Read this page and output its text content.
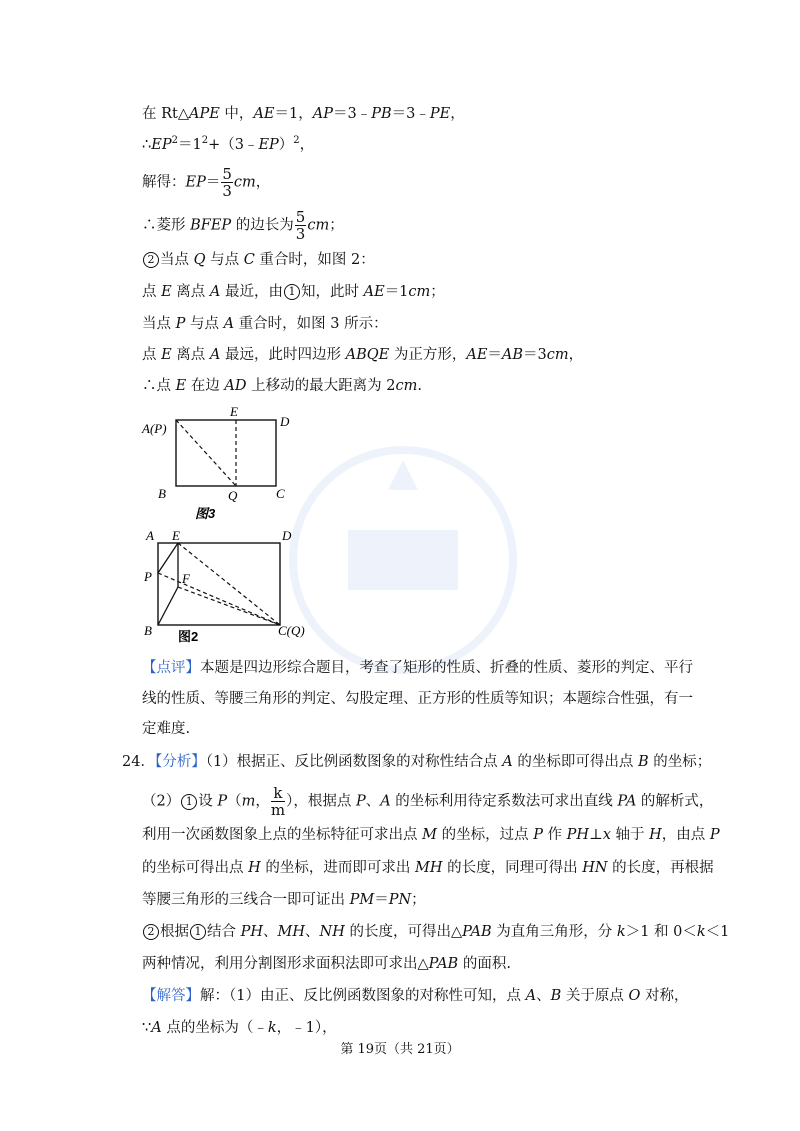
在 Rt△APE 中，AE＝1，AP＝3﹣PB＝3﹣PE，
$\therefore EP^2=1^2+(3﹣EP)^2$，
解得：$EP= \frac{5}{3}$ cm，
∴菱形 BFEP 的边长为 $\frac{5}{3}$ cm；
2 当点 Q 与点 C 重合时，如图 2：
点 E 离点 A 最近，由 1 知，此时 AE＝1cm；
当点 P 与点 A 重合时，如图 3 所示：
点 E 离点 A 最远，此时四边形 ABQE 为正方形，AE＝AB＝3cm，
∴点 E 在边 AD 上移动的最大距离为 2cm.
A(P)
E
D
B	Q	C
图3
A E	D
P F
B	C(Q)
图2
【点评】本题是四边形综合题目，考查了矩形的性质、折叠的性质、菱形的判定、平行
线的性质、等腰三角形的判定、勾股定理、正方形的性质等知识；本题综合性强，有一
定难度.
24．【分析】（1）根据正、反比例函数图象的对称性结合点 A 的坐标即可得出点 B 的坐标；
（2） 1 设 P（m， $\frac{k}{m}$ ），根据点 P、A 的坐标利用待定系数法可求出直线 PA 的解析式，
利用一次函数图象上点的坐标特征可求出点 M 的坐标，过点 P 作 PH⊥x 轴于 H，由点 P
的坐标可得出点 H 的坐标，进而即可求出 MH 的长度，同理可得出 HN 的长度，再根据
等腰三角形的三线合一即可证出 PM＝PN；
2 根据 1 结合 PH、MH、NH 的长度，可得出△PAB 为直角三角形，分 k＞1 和 0＜k＜1
两种情况，利用分割图形求面积法即可求出△PAB 的面积.
【解答】解：（1）由正、反比例函数图象的对称性可知，点 A、B 关于原点 O 对称，
∵A 点的坐标为（﹣k，﹣1），
第 19页（共 21页）
